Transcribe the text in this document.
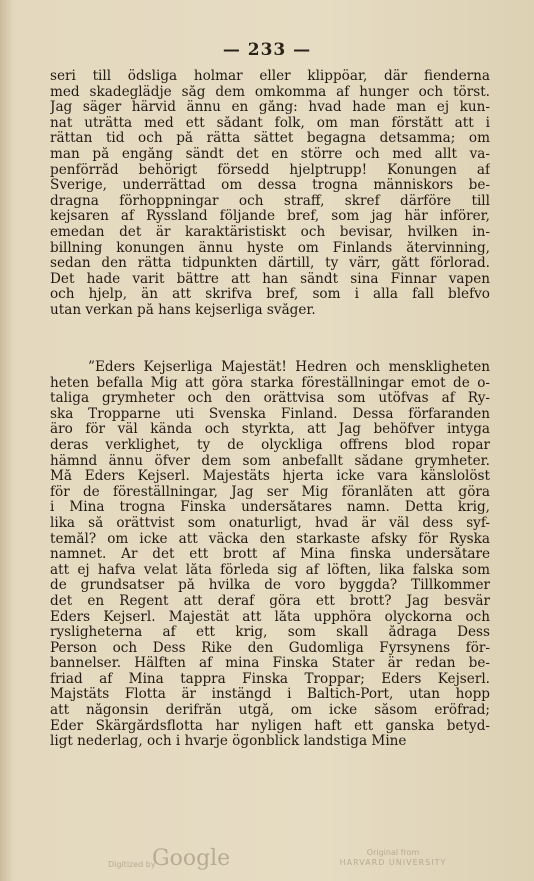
— 233 —
seri till ödsliga holmar eller klippöar, där fienderna
med skadeglädje såg dem omkomma af hunger och törst.
Jag säger härvid ännu en gång: hvad hade man ej kun-
nat uträtta med ett sådant folk, om man förstått att i
rättan tid och på rätta sättet begagna detsamma; om
man på engång sändt det en större och med allt va-
penförråd behörigt försedd hjelptrupp! Konungen af
Sverige, underrättad om dessa trogna människors be-
dragna förhoppningar och straff, skref därföre till
kejsaren af Ryssland följande bref, som jag här införer,
emedan det är karaktäristiskt och bevisar, hvilken in-
billning konungen ännu hyste om Finlands återvinning,
sedan den rätta tidpunkten därtill, ty värr, gått förlorad.
Det hade varit bättre att han sändt sina Finnar vapen
och hjelp, än att skrifva bref, som i alla fall blefvo
utan verkan på hans kejserliga svåger.
”Eders Kejserliga Majestät! Hedren och menskligheten
heten befalla Mig att göra starka föreställningar emot de o-
taliga grymheter och den orättvisa som utöfvas af Ry-
ska Tropparne uti Svenska Finland. Dessa förfaranden
äro för väl kända och styrkta, att Jag behöfver intyga
deras verklighet, ty de olyckliga offrens blod ropar
hämnd ännu öfver dem som anbefallt sådane grymheter.
Må Eders Kejserl. Majestäts hjerta icke vara känslolöst
för de föreställningar, Jag ser Mig föranlåten att göra
i Mina trogna Finska undersåtares namn. Detta krig,
lika så orättvist som onaturligt, hvad är väl dess syf-
temål? om icke att väcka den starkaste afsky för Ryska
namnet. Är det ett brott af Mina finska undersåtare
att ej hafva velat låta förleda sig af löften, lika falska som
de grundsatser på hvilka de voro byggda? Tillkommer
det en Regent att deraf göra ett brott? Jag besvär
Eders Kejserl. Majestät att låta upphöra olyckorna och
rysligheterna af ett krig, som skall ådraga Dess
Person och Dess Rike den Gudomliga Fyrsynens för-
bannelser. Hälften af mina Finska Stater är redan be-
friad af Mina tappra Finska Troppar; Eders Kejserl.
Majstäts Flotta är instängd i Baltich-Port, utan hopp
att någonsin derifrån utgå, om icke såsom eröfrad;
Eder Skärgårdsflotta har nyligen haft ett ganska betyd-
ligt nederlag, och i hvarje ögonblick landstiga Mine
Digitized by
Google	Original from
HARVARD UNIVERSITY
